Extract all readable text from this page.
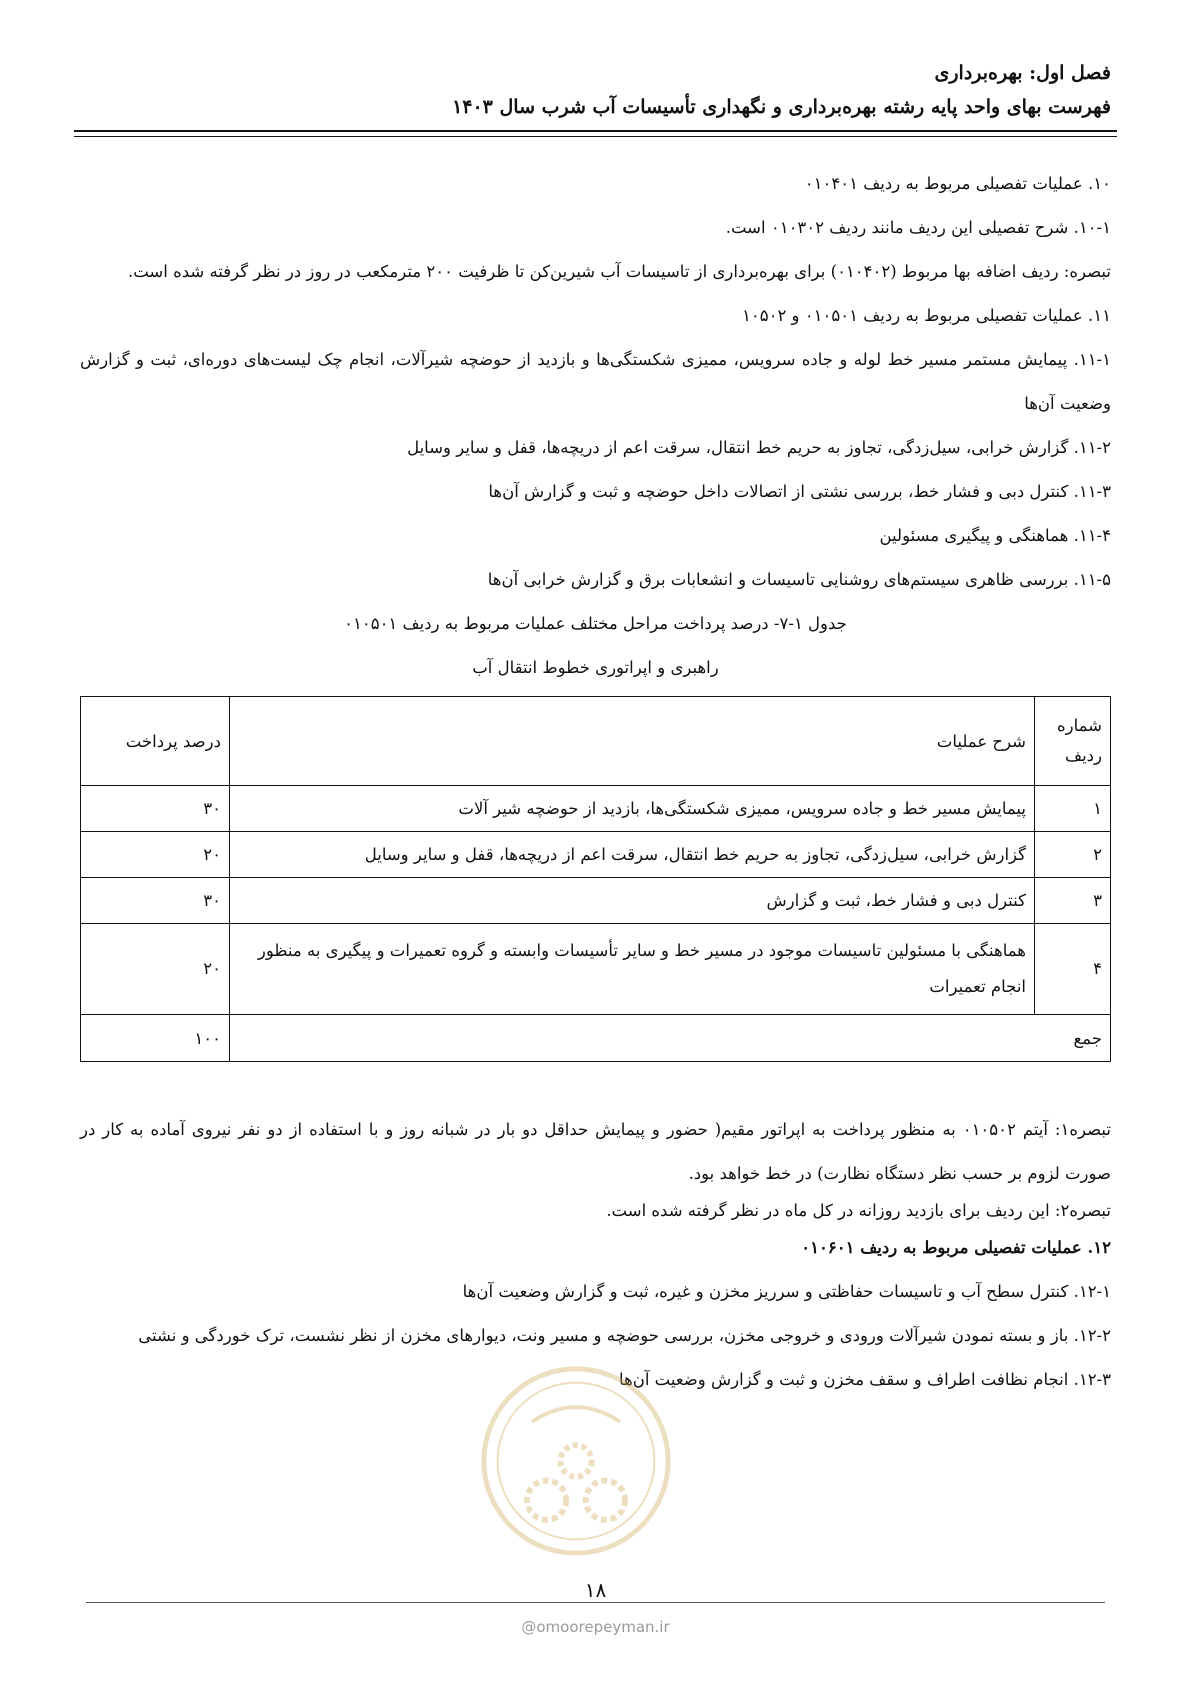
فصل اول: بهره‌برداری
فهرست بهای واحد پایه رشته بهره‌برداری و نگهداری تأسیسات آب شرب سال ۱۴۰۳

۱۰. عملیات تفصیلی مربوط به ردیف ۰۱۰۴۰۱

۱۰-۱. شرح تفصیلی این ردیف مانند ردیف ۰۱۰۳۰۲ است.

تبصره: ردیف اضافه بها مربوط (۰۱۰۴۰۲) برای بهره‌برداری از تاسیسات آب شیرین‌کن تا ظرفیت ۲۰۰ مترمکعب در روز در نظر گرفته شده است.

۱۱. عملیات تفصیلی مربوط به ردیف ۰۱۰۵۰۱ و ۱۰۵۰۲

۱۱-۱. پیمایش مستمر مسیر خط لوله و جاده سرویس، ممیزی شکستگی‌ها و بازدید از حوضچه شیرآلات، انجام چک لیست‌های دوره‌ای، ثبت و گزارش وضعیت آن‌ها

۱۱-۲. گزارش خرابی، سیل‌زدگی، تجاوز به حریم خط انتقال، سرقت اعم از دریچه‌ها، قفل و سایر وسایل

۱۱-۳. کنترل دبی و فشار خط، بررسی نشتی از اتصالات داخل حوضچه و ثبت و گزارش آن‌ها

۱۱-۴. هماهنگی و پیگیری مسئولین

۱۱-۵. بررسی ظاهری سیستم‌های روشنایی تاسیسات و انشعابات برق و گزارش خرابی آن‌ها

جدول ۱-۷- درصد پرداخت مراحل مختلف عملیات مربوط به ردیف ۰۱۰۵۰۱

راهبری و اپراتوری خطوط انتقال آب

شماره
ردیف	شرح عملیات	درصد پرداخت
۱	پیمایش مسیر خط و جاده سرویس، ممیزی شکستگی‌ها، بازدید از حوضچه شیر آلات	۳۰
۲	گزارش خرابی، سیل‌زدگی، تجاوز به حریم خط انتقال، سرقت اعم از دریچه‌ها، قفل و سایر وسایل	۲۰
۳	کنترل دبی و فشار خط، ثبت و گزارش	۳۰
۴	هماهنگی با مسئولین تاسیسات موجود در مسیر خط و سایر تأسیسات وابسته و گروه تعمیرات و پیگیری به منظور انجام تعمیرات	۲۰
جمع		۱۰۰

تبصره۱: آیتم ۰۱۰۵۰۲ به منظور پرداخت به اپراتور مقیم( حضور و پیمایش حداقل دو بار در شبانه روز و با استفاده از دو نفر نیروی آماده به کار در صورت لزوم بر حسب نظر دستگاه نظارت) در خط خواهد بود.

تبصره۲: این ردیف برای بازدید روزانه در کل ماه در نظر گرفته شده است.

۱۲. عملیات تفصیلی مربوط به ردیف ۰۱۰۶۰۱

۱۲-۱. کنترل سطح آب و تاسیسات حفاظتی و سرریز مخزن و غیره، ثبت و گزارش وضعیت آن‌ها

۱۲-۲. باز و بسته نمودن شیرآلات ورودی و خروجی مخزن، بررسی حوضچه و مسیر ونت، دیوارهای مخزن از نظر نشست، ترک خوردگی و نشتی

۱۲-۳. انجام نظافت اطراف و سقف مخزن و ثبت و گزارش وضعیت آن‌ها

۱۸
@omoorepeyman.ir
